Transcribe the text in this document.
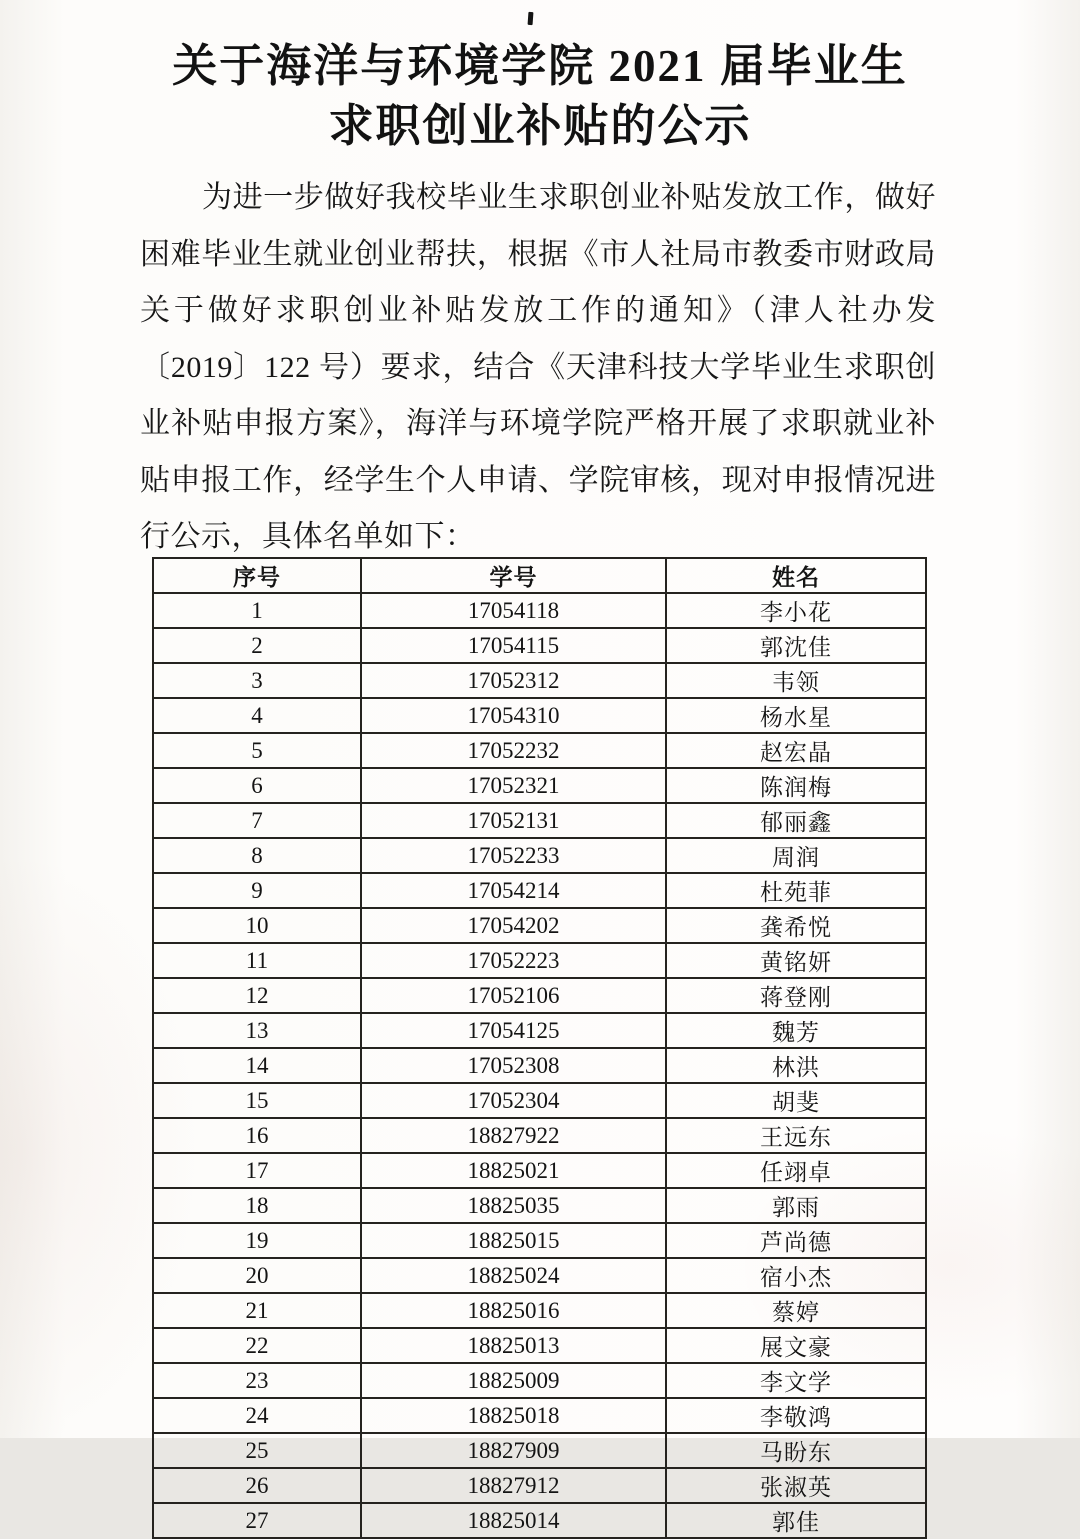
关于海洋与环境学院 2021 届毕业生
求职创业补贴的公示
为进一步做好我校毕业生求职创业补贴发放工作，做好
困难毕业生就业创业帮扶，根据《市人社局市教委市财政局
关于做好求职创业补贴发放工作的通知》（津人社办发
〔2019〕122 号）要求，结合《天津科技大学毕业生求职创
业补贴申报方案》，海洋与环境学院严格开展了求职就业补
贴申报工作，经学生个人申请、学院审核，现对申报情况进
行公示，具体名单如下：
序号	学号	姓名
1	17054118	李小花
2	17054115	郭沈佳
3	17052312	韦领
4	17054310	杨水星
5	17052232	赵宏晶
6	17052321	陈润梅
7	17052131	郁丽鑫
8	17052233	周润
9	17054214	杜苑菲
10	17054202	龚希悦
11	17052223	黄铭妍
12	17052106	蒋登刚
13	17054125	魏芳
14	17052308	林洪
15	17052304	胡斐
16	18827922	王远东
17	18825021	任翊卓
18	18825035	郭雨
19	18825015	芦尚德
20	18825024	宿小杰
21	18825016	蔡婷
22	18825013	展文豪
23	18825009	李文学
24	18825018	李敬鸿
25	18827909	马盼东
26	18827912	张淑英
27	18825014	郭佳
